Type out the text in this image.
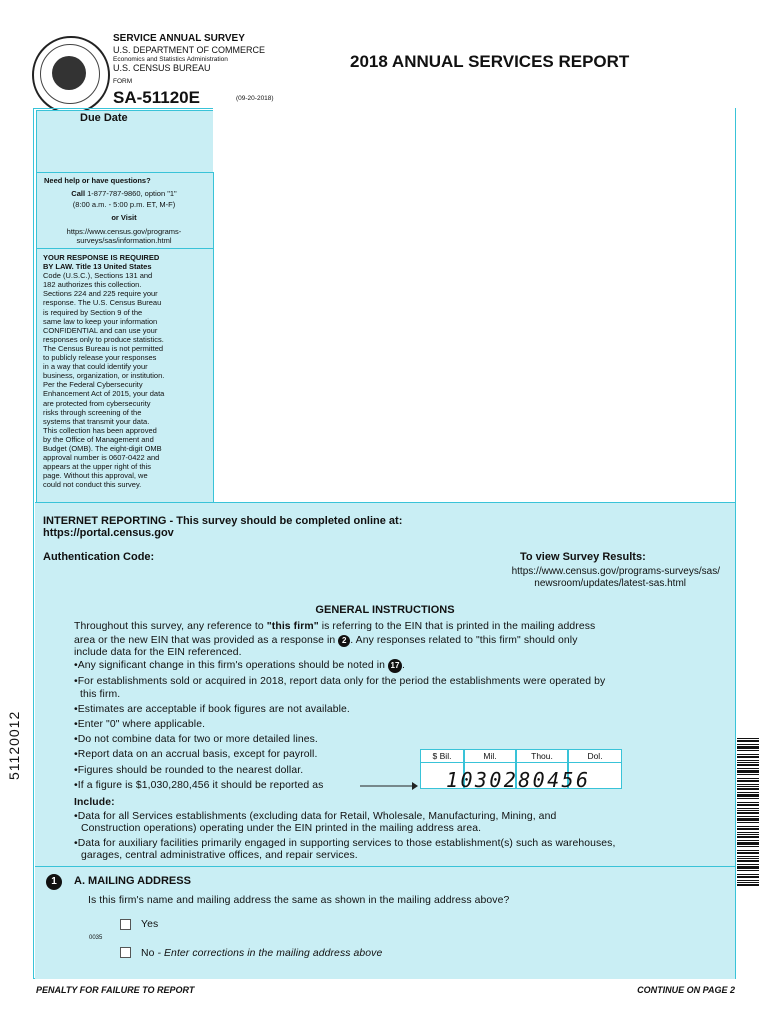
SERVICE ANNUAL SURVEY
U.S. DEPARTMENT OF COMMERCE
Economics and Statistics Administration
U.S. CENSUS BUREAU
FORM
SA-51120E	(09-20-2018)
2018 ANNUAL SERVICES REPORT
Due Date
Need help or have questions?
Call 1-877-787-9860, option "1"
(8:00 a.m. - 5:00 p.m. ET, M-F)
or Visit
https://www.census.gov/programs-
surveys/sas/information.html
YOUR RESPONSE IS REQUIRED
BY LAW. Title 13 United States
Code (U.S.C.), Sections 131 and
182 authorizes this collection.
Sections 224 and 225 require your
response. The U.S. Census Bureau
is required by Section 9 of the
same law to keep your information
CONFIDENTIAL and can use your
responses only to produce statistics.
The Census Bureau is not permitted
to publicly release your responses
in a way that could identify your
business, organization, or institution.
Per the Federal Cybersecurity
Enhancement Act of 2015, your data
are protected from cybersecurity
risks through screening of the
systems that transmit your data.
This collection has been approved
by the Office of Management and
Budget (OMB). The eight-digit OMB
approval number is 0607-0422 and
appears at the upper right of this
page. Without this approval, we
could not conduct this survey.
INTERNET REPORTING - This survey should be completed online at:
https://portal.census.gov
Authentication Code:	To view Survey Results:
https://www.census.gov/programs-surveys/sas/
newsroom/updates/latest-sas.html
GENERAL INSTRUCTIONS
Throughout this survey, any reference to "this firm" is referring to the EIN that is printed in the mailing address
area or the new EIN that was provided as a response in 2 . Any responses related to "this firm" should only
include data for the EIN referenced.
•Any significant change in this firm's operations should be noted in 17 .
•For establishments sold or acquired in 2018, report data only for the period the establishments were operated by
this firm.
•Estimates are acceptable if book figures are not available.
•Enter "0" where applicable.
•Do not combine data for two or more detailed lines.
•Report data on an accrual basis, except for payroll.
•Figures should be rounded to the nearest dollar.
•If a figure is $1,030,280,456 it should be reported as
$ Bil.	Mil.	Thou.	Dol.
1030280456
Include:
•Data for all Services establishments (excluding data for Retail, Wholesale, Manufacturing, Mining, and
Construction operations) operating under the EIN printed in the mailing address area.
•Data for auxiliary facilities primarily engaged in supporting services to those establishment(s) such as warehouses,
garages, central administrative offices, and repair services.
1	A. MAILING ADDRESS
Is this firm's name and mailing address the same as shown in the mailing address above?
Yes
0035
No - Enter corrections in the mailing address above
51120012
PENALTY FOR FAILURE TO REPORT	CONTINUE ON PAGE 2
